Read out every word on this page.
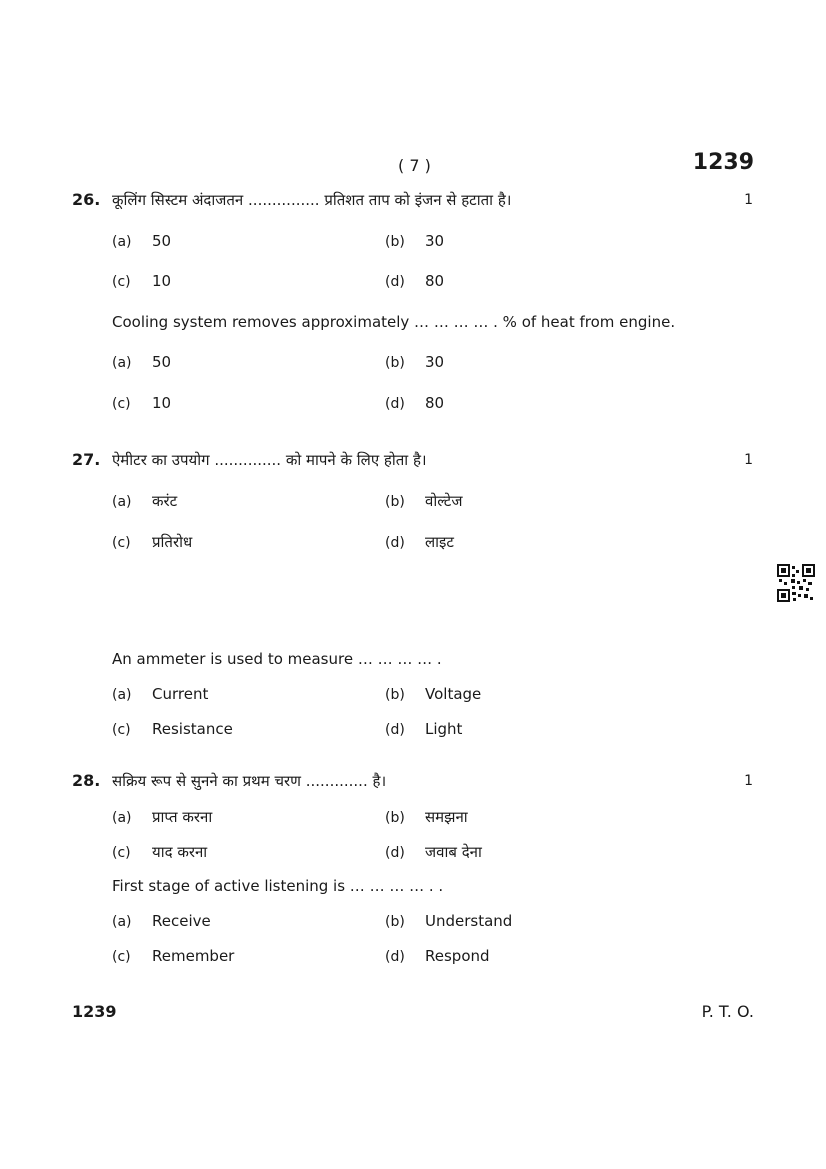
( 7 )	1239
26. कूलिंग सिस्टम अंदाजतन ............... प्रतिशत ताप को इंजन से हटाता है।	1
(a) 50	(b) 30
(c) 10	(d) 80
Cooling system removes approximately … … … … . % of heat from engine.
(a) 50	(b) 30
(c) 10	(d) 80
27. ऐमीटर का उपयोग .............. को मापने के लिए होता है।	1
(a) करंट	(b) वोल्टेज
(c) प्रतिरोध	(d) लाइट
An ammeter is used to measure … … … … .
(a) Current	(b) Voltage
(c) Resistance	(d) Light
28. सक्रिय रूप से सुनने का प्रथम चरण ............. है।	1
(a) प्राप्त करना	(b) समझना
(c) याद करना	(d) जवाब देना
First stage of active listening is … … … … . .
(a) Receive	(b) Understand
(c) Remember	(d) Respond
1239	P. T. O.
